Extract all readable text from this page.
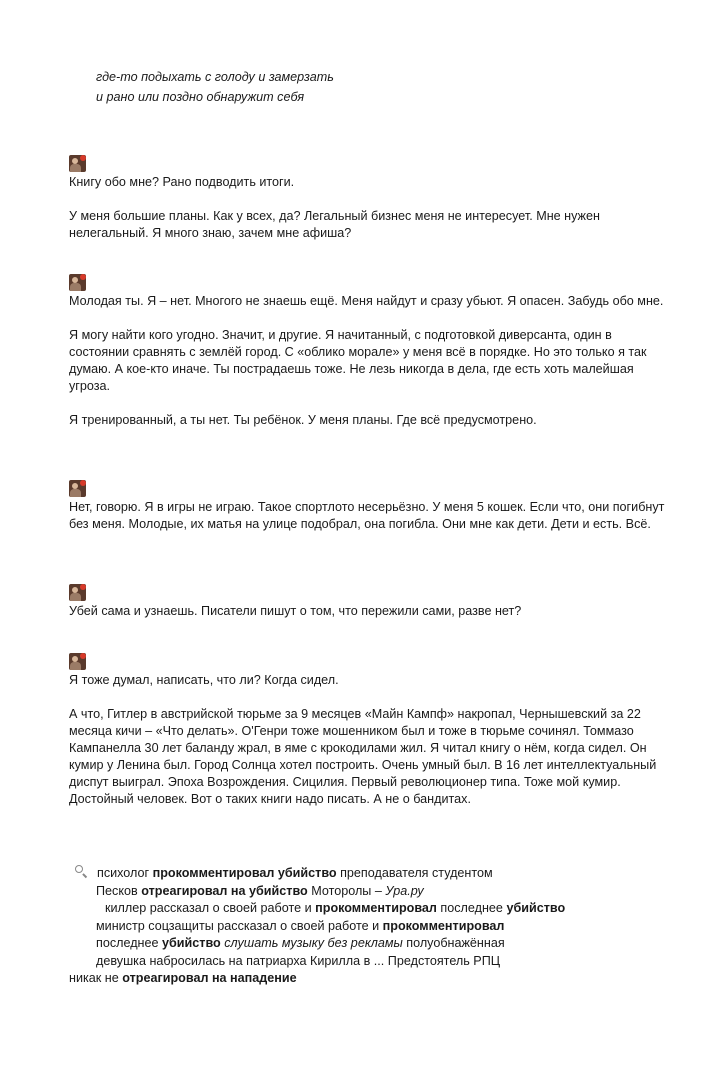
где-то подыхать с голоду и замерзать
и рано или поздно обнаружит себя

Книгу обо мне? Рано подводить итоги.

У меня большие планы. Как у всех, да? Легальный бизнес меня не интересует. Мне нужен нелегальный. Я много знаю, зачем мне афиша?

Молодая ты. Я – нет. Многого не знаешь ещё. Меня найдут и сразу убьют. Я опасен. Забудь обо мне.

Я могу найти кого угодно. Значит, и другие. Я начитанный, с подготовкой диверсанта, один в состоянии сравнять с землёй город. С «облико морале» у меня всё в порядке. Но это только я так думаю. А кое-кто иначе. Ты пострадаешь тоже. Не лезь никогда в дела, где есть хоть малейшая угроза.

Я тренированный, а ты нет. Ты ребёнок. У меня планы. Где всё предусмотрено.

Нет, говорю. Я в игры не играю. Такое спортлото несерьёзно. У меня 5 кошек. Если что, они погибнут без меня. Молодые, их матья на улице подобрал, она погибла. Они мне как дети. Дети и есть. Всё.

Убей сама и узнаешь. Писатели пишут о том, что пережили сами, разве нет?

Я тоже думал, написать, что ли? Когда сидел.

А что, Гитлер в австрийской тюрьме за 9 месяцев «Майн Кампф» накропал, Чернышевский за 22 месяца кичи – «Что делать». О'Генри тоже мошенником был и тоже в тюрьме сочинял. Томмазо Кампанелла 30 лет баланду жрал, в яме с крокодилами жил. Я читал книгу о нём, когда сидел. Он кумир у Ленина был. Город Солнца хотел построить. Очень умный был. В 16 лет интеллектуальный диспут выиграл. Эпоха Возрождения. Сицилия. Первый революционер типа. Тоже мой кумир. Достойный человек. Вот о таких книги надо писать. А не о бандитах.

психолог прокомментировал убийство преподавателя студентом
Песков отреагировал на убийство Моторолы – Ура.ру
киллер рассказал о своей работе и прокомментировал последнее убийство
министр соцзащиты рассказал о своей работе и прокомментировал
последнее убийство слушать музыку без рекламы полуобнажённая
девушка набросилась на патриарха Кирилла в ... Предстоятель РПЦ
никак не отреагировал на нападение
